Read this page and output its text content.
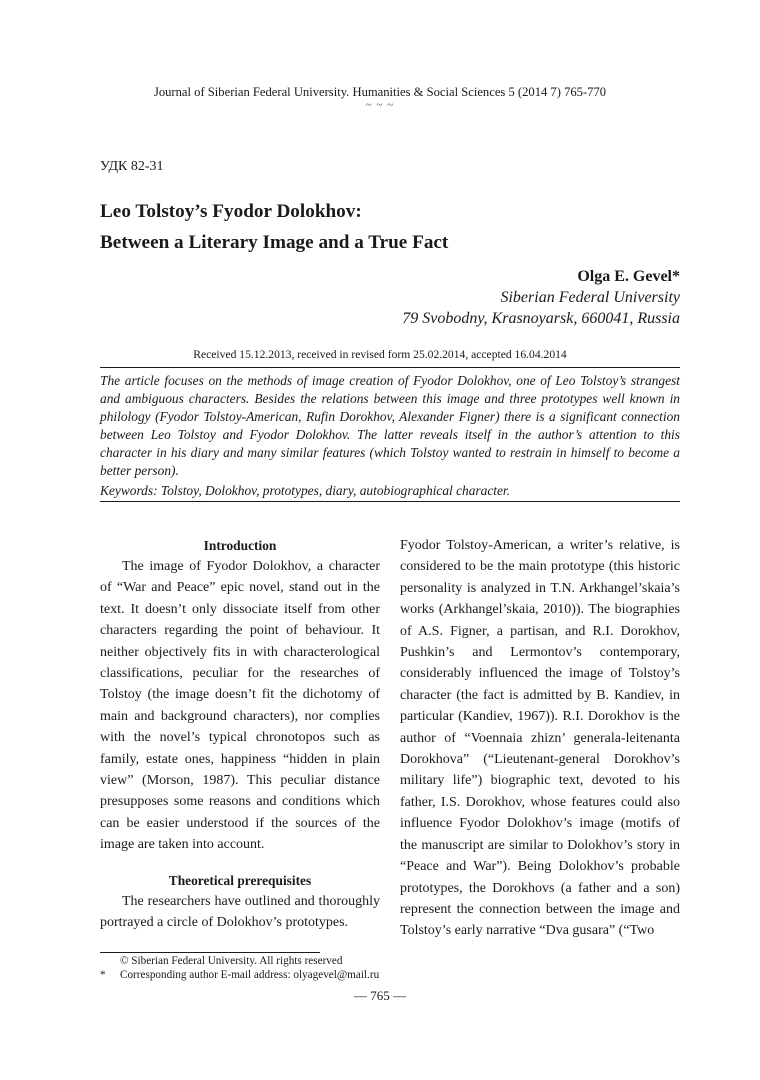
Journal of Siberian Federal University. Humanities & Social Sciences 5 (2014 7) 765-770
~ ~ ~
УДК 82-31
Leo Tolstoy’s Fyodor Dolokhov:
Between a Literary Image and a True Fact
Olga E. Gevel*
Siberian Federal University
79 Svobodny, Krasnoyarsk, 660041, Russia
Received 15.12.2013, received in revised form 25.02.2014, accepted 16.04.2014
The article focuses on the methods of image creation of Fyodor Dolokhov, one of Leo Tolstoy’s strangest and ambiguous characters. Besides the relations between this image and three prototypes well known in philology (Fyodor Tolstoy-American, Rufin Dorokhov, Alexander Figner) there is a significant connection between Leo Tolstoy and Fyodor Dolokhov. The latter reveals itself in the author’s attention to this character in his diary and many similar features (which Tolstoy wanted to restrain in himself to become a better person).
Keywords: Tolstoy, Dolokhov, prototypes, diary, autobiographical character.

Introduction

The image of Fyodor Dolokhov, a character of “War and Peace” epic novel, stand out in the text. It doesn’t only dissociate itself from other characters regarding the point of behaviour. It neither objectively fits in with characterological classifications, peculiar for the researches of Tolstoy (the image doesn’t fit the dichotomy of main and background characters), nor complies with the novel’s typical chronotopos such as family, estate ones, happiness “hidden in plain view” (Morson, 1987). This peculiar distance presupposes some reasons and conditions which can be easier understood if the sources of the image are taken into account.

Theoretical prerequisites

The researchers have outlined and thoroughly portrayed a circle of Dolokhov’s prototypes.

Fyodor Tolstoy-American, a writer’s relative, is considered to be the main prototype (this historic personality is analyzed in T.N. Arkhangel’skaia’s works (Arkhangel’skaia, 2010)). The biographies of A.S. Figner, a partisan, and R.I. Dorokhov, Pushkin’s and Lermontov’s contemporary, considerably influenced the image of Tolstoy’s character (the fact is admitted by B. Kandiev, in particular (Kandiev, 1967)). R.I. Dorokhov is the author of “Voennaia zhizn’ generala-leitenanta Dorokhova” (“Lieutenant-general Dorokhov’s military life”) biographic text, devoted to his father, I.S. Dorokhov, whose features could also influence Fyodor Dolokhov’s image (motifs of the manuscript are similar to Dolokhov’s story in “Peace and War”). Being Dolokhov’s probable prototypes, the Dorokhovs (a father and a son) represent the connection between the image and Tolstoy’s early narrative “Dva gusara” (“Two

© Siberian Federal University. All rights reserved
* Corresponding author E-mail address: olyagevel@mail.ru
— 765 —
